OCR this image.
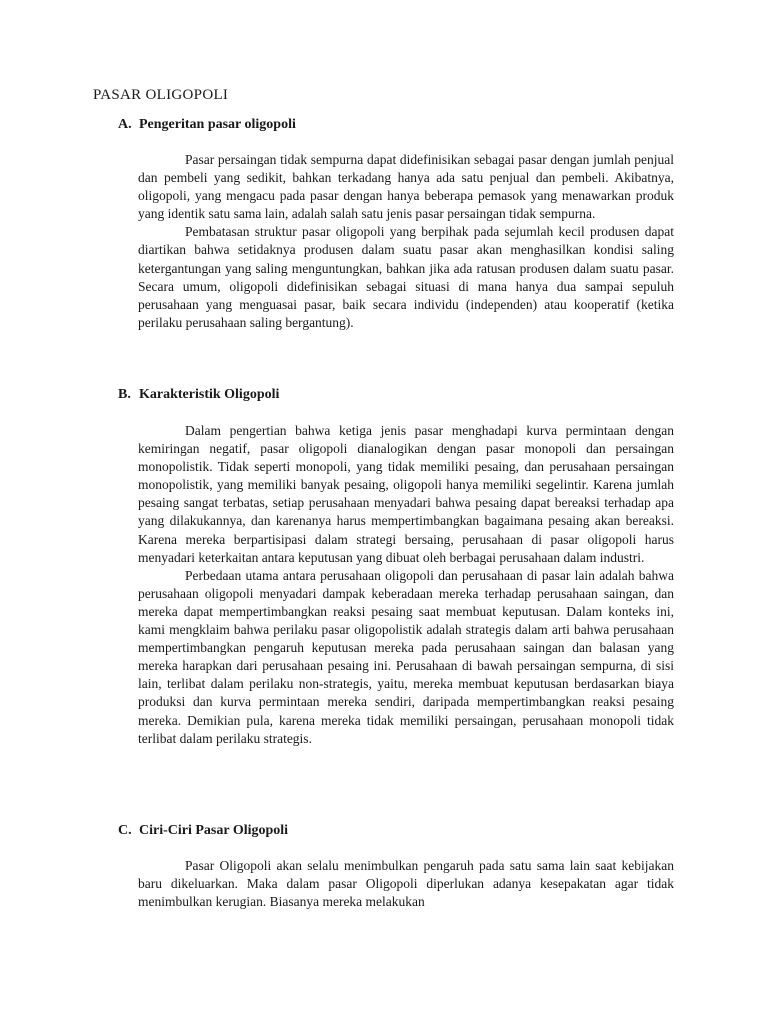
PASAR OLIGOPOLI
A. Pengeritan pasar oligopoli

Pasar persaingan tidak sempurna dapat didefinisikan sebagai pasar dengan jumlah penjual dan pembeli yang sedikit, bahkan terkadang hanya ada satu penjual dan pembeli. Akibatnya, oligopoli, yang mengacu pada pasar dengan hanya beberapa pemasok yang menawarkan produk yang identik satu sama lain, adalah salah satu jenis pasar persaingan tidak sempurna.

Pembatasan struktur pasar oligopoli yang berpihak pada sejumlah kecil produsen dapat diartikan bahwa setidaknya produsen dalam suatu pasar akan menghasilkan kondisi saling ketergantungan yang saling menguntungkan, bahkan jika ada ratusan produsen dalam suatu pasar. Secara umum, oligopoli didefinisikan sebagai situasi di mana hanya dua sampai sepuluh perusahaan yang menguasai pasar, baik secara individu (independen) atau kooperatif (ketika perilaku perusahaan saling bergantung).

B. Karakteristik Oligopoli

Dalam pengertian bahwa ketiga jenis pasar menghadapi kurva permintaan dengan kemiringan negatif, pasar oligopoli dianalogikan dengan pasar monopoli dan persaingan monopolistik. Tidak seperti monopoli, yang tidak memiliki pesaing, dan perusahaan persaingan monopolistik, yang memiliki banyak pesaing, oligopoli hanya memiliki segelintir. Karena jumlah pesaing sangat terbatas, setiap perusahaan menyadari bahwa pesaing dapat bereaksi terhadap apa yang dilakukannya, dan karenanya harus mempertimbangkan bagaimana pesaing akan bereaksi. Karena mereka berpartisipasi dalam strategi bersaing, perusahaan di pasar oligopoli harus menyadari keterkaitan antara keputusan yang dibuat oleh berbagai perusahaan dalam industri.

Perbedaan utama antara perusahaan oligopoli dan perusahaan di pasar lain adalah bahwa perusahaan oligopoli menyadari dampak keberadaan mereka terhadap perusahaan saingan, dan mereka dapat mempertimbangkan reaksi pesaing saat membuat keputusan. Dalam konteks ini, kami mengklaim bahwa perilaku pasar oligopolistik adalah strategis dalam arti bahwa perusahaan mempertimbangkan pengaruh keputusan mereka pada perusahaan saingan dan balasan yang mereka harapkan dari perusahaan pesaing ini. Perusahaan di bawah persaingan sempurna, di sisi lain, terlibat dalam perilaku non-strategis, yaitu, mereka membuat keputusan berdasarkan biaya produksi dan kurva permintaan mereka sendiri, daripada mempertimbangkan reaksi pesaing mereka. Demikian pula, karena mereka tidak memiliki persaingan, perusahaan monopoli tidak terlibat dalam perilaku strategis.

C. Ciri-Ciri Pasar Oligopoli

Pasar Oligopoli akan selalu menimbulkan pengaruh pada satu sama lain saat kebijakan baru dikeluarkan. Maka dalam pasar Oligopoli diperlukan adanya kesepakatan agar tidak menimbulkan kerugian. Biasanya mereka melakukan
